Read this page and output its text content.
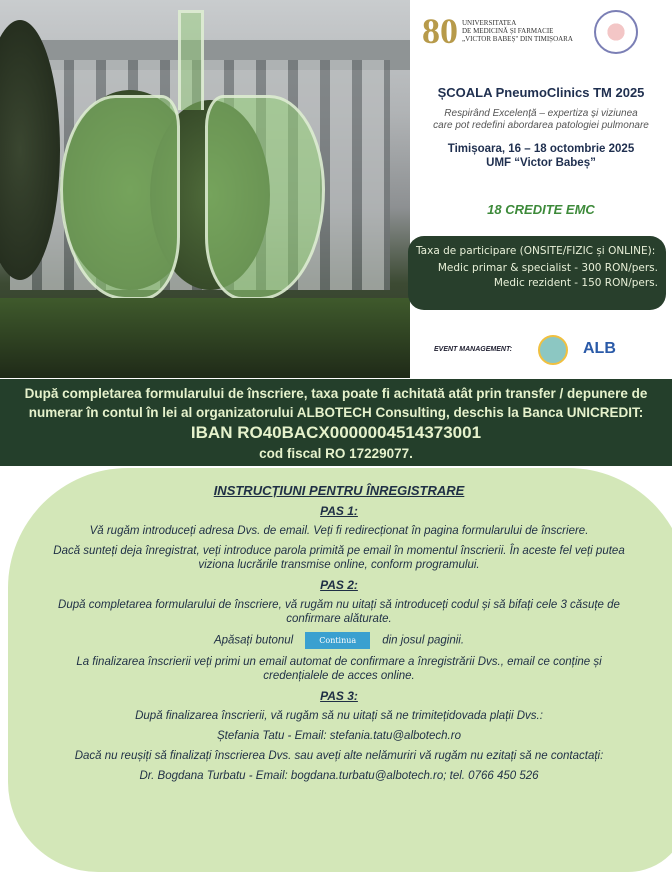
80 UNIVERSITATEA
DE MEDICINĂ ȘI FARMACIE
„VICTOR BABEȘ" DIN TIMIȘOARA
ȘCOALA PneumoClinics TM 2025
Respirând Excelență – expertiza și viziunea
care pot redefini abordarea patologiei pulmonare
Timișoara, 16 – 18 octombrie 2025
UMF “Victor Babeș”
18 CREDITE EMC
Taxa de participare (ONSITE/FIZIC și ONLINE):
Medic primar & specialist - 300 RON/pers.
Medic rezident - 150 RON/pers.
EVENT MANAGEMENT:	ALB
După completarea formularului de înscriere, taxa poate fi achitată atât prin transfer / depunere de
numerar în contul în lei al organizatorului ALBOTECH Consulting, deschis la Banca UNICREDIT:
IBAN RO40BACX0000004514373001
cod fiscal RO 17229077.

INSTRUCȚIUNI PENTRU ÎNREGISTRARE

PAS 1:

Vă rugăm introduceți adresa Dvs. de email. Veți fi redirecționat în pagina formularului de înscriere.

Dacă sunteți deja înregistrat, veți introduce parola primită pe email în momentul înscrierii. În aceste fel veți putea viziona lucrările transmise online, conform programului.

PAS 2:

După completarea formularului de înscriere, vă rugăm nu uitați să introduceți codul și să bifați cele 3 căsuțe de confirmare alăturate.

Apăsați butonul	Continua din josul paginii.

La finalizarea înscrierii veți primi un email automat de confirmare a înregistrării Dvs., email ce conține și credențialele de acces online.

PAS 3:

După finalizarea înscrierii, vă rugăm să nu uitați să ne trimitețidovada plații Dvs.:

Ștefania Tatu - Email: stefania.tatu@albotech.ro

Dacă nu reușiți să finalizați înscrierea Dvs. sau aveți alte nelămuriri vă rugăm nu ezitați să ne contactați:

Dr. Bogdana Turbatu - Email: bogdana.turbatu@albotech.ro; tel. 0766 450 526
